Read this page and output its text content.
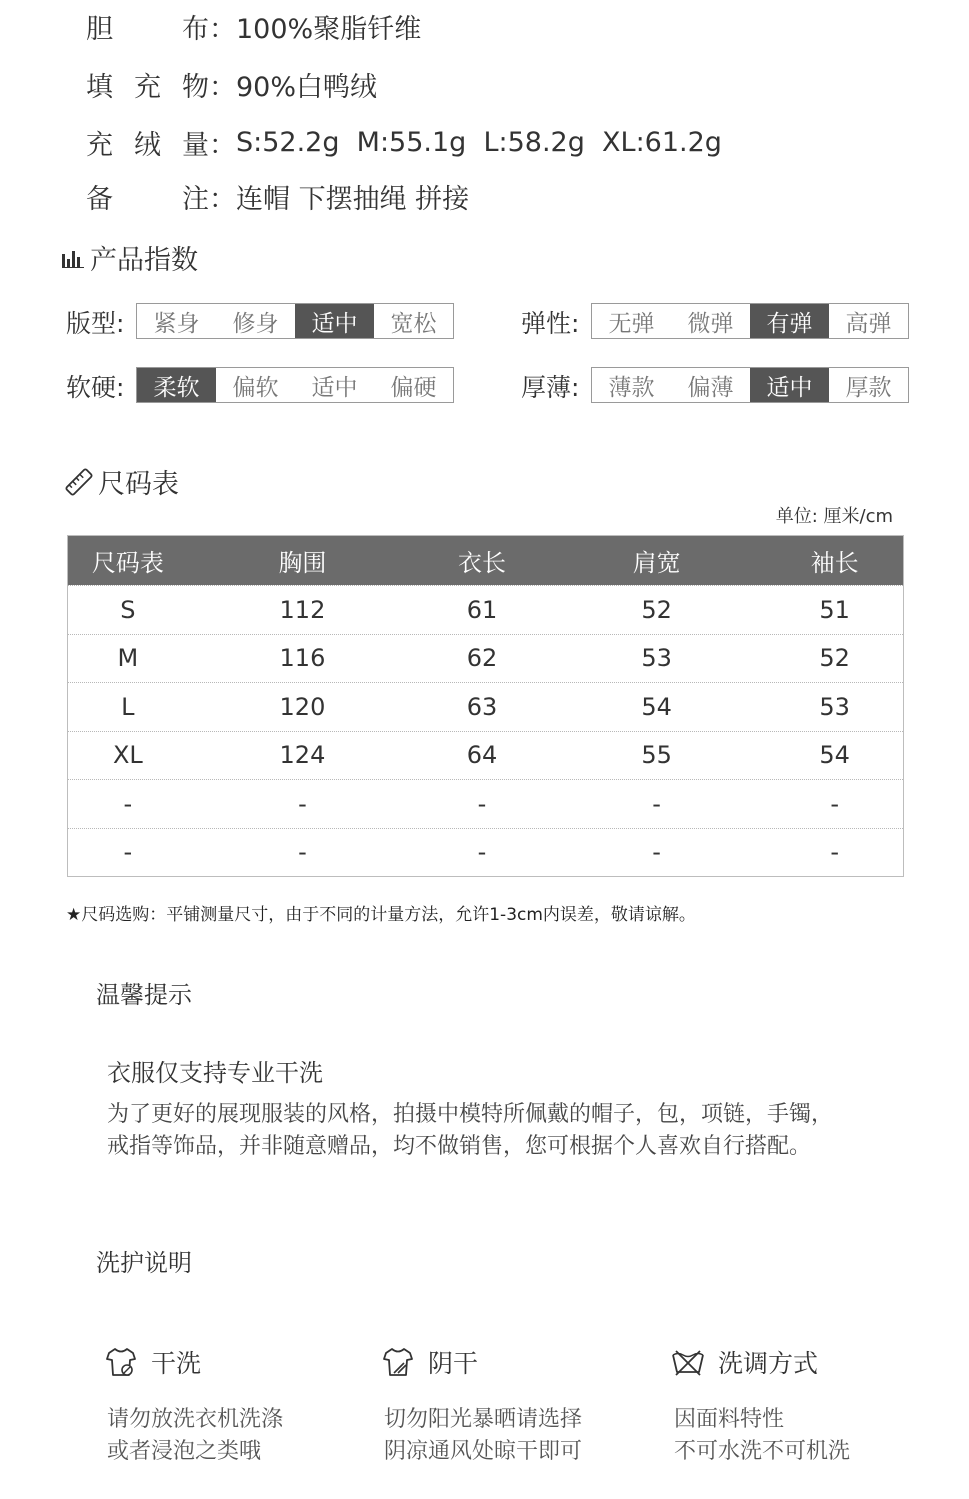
胆	布： 100%聚脂钎维
填 充 物： 90%白鸭绒
充 绒 量： S:52.2g  M:55.1g  L:58.2g  XL:61.2g
备	注： 连帽 下摆抽绳 拼接
产品指数
版型:	紧身	修身	适中	宽松	弹性:	无弹	微弹	有弹	高弹
软硬:	柔软	偏软	适中	偏硬	厚薄:	薄款	偏薄	适中	厚款
尺码表
单位: 厘米/cm
尺码表	胸围	衣长	肩宽	袖长
S	112	61	52	51
M	116	62	53	52
L	120	63	54	53
XL	124	64	55	54
-	-	-	-	-
-	-	-	-	-
★尺码选购：平铺测量尺寸，由于不同的计量方法，允许1-3cm内误差，敬请谅解。
温馨提示
衣服仅支持专业干洗
为了更好的展现服装的风格，拍摄中模特所佩戴的帽子，包，项链，手镯，
戒指等饰品，并非随意赠品，均不做销售，您可根据个人喜欢自行搭配。
洗护说明
干洗
请勿放洗衣机洗涤
或者浸泡之类哦
阴干
切勿阳光暴晒请选择
阴凉通风处晾干即可
洗调方式
因面料特性
不可水洗不可机洗
